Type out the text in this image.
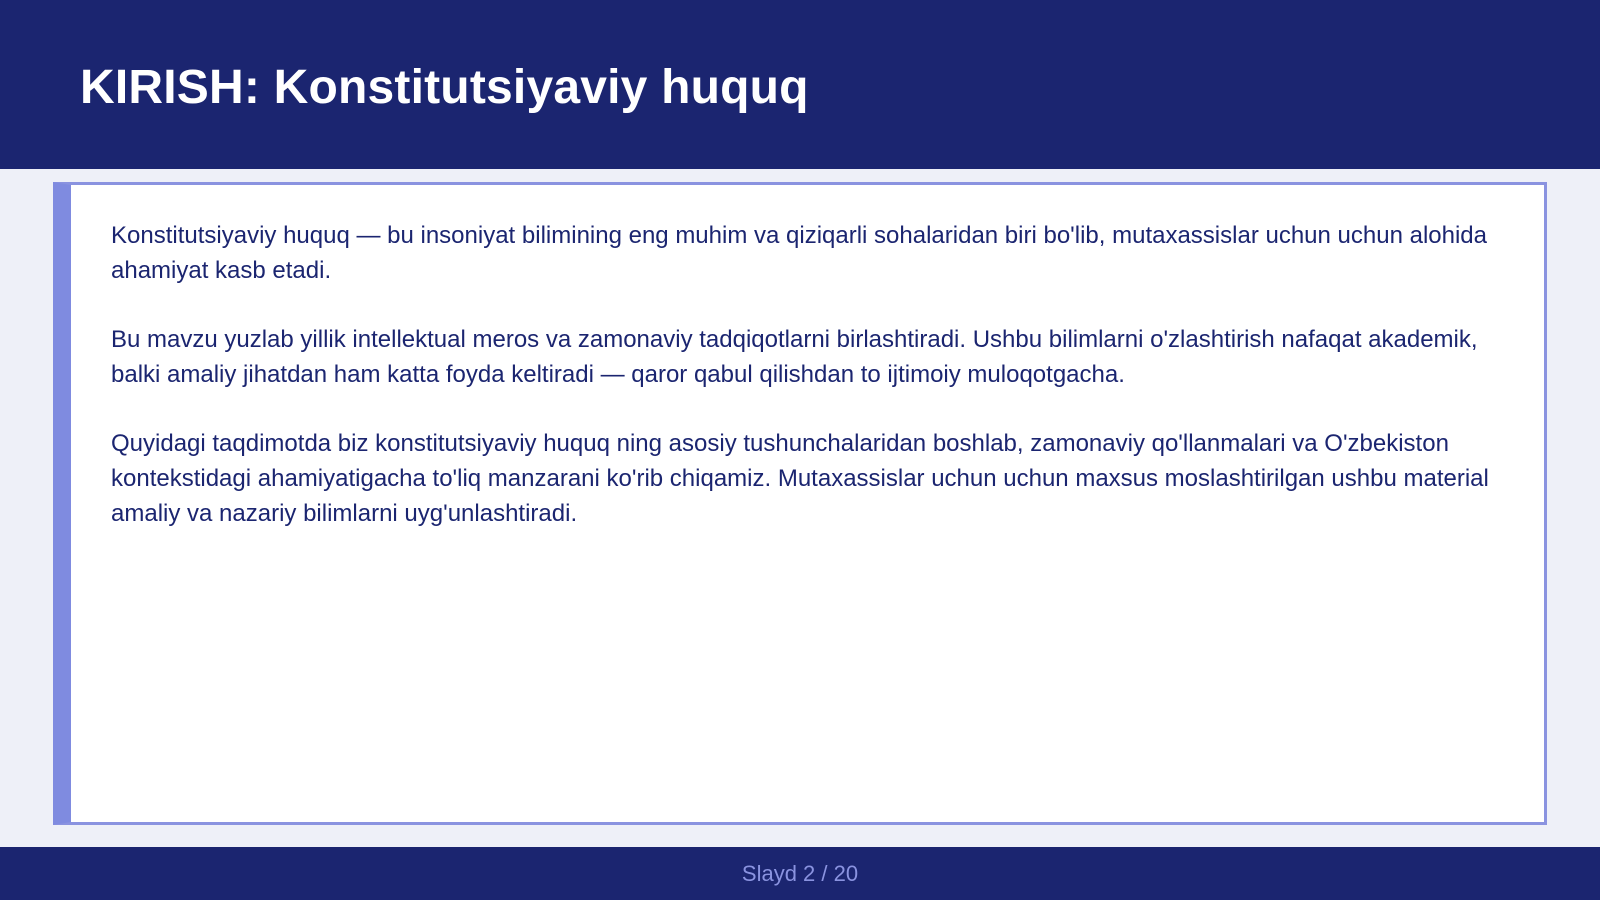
KIRISH: Konstitutsiyaviy huquq

Konstitutsiyaviy huquq — bu insoniyat bilimining eng muhim va qiziqarli sohalaridan biri bo'lib, mutaxassislar uchun uchun alohida ahamiyat kasb etadi.

Bu mavzu yuzlab yillik intellektual meros va zamonaviy tadqiqotlarni birlashtiradi. Ushbu bilimlarni o'zlashtirish nafaqat akademik, balki amaliy jihatdan ham katta foyda keltiradi — qaror qabul qilishdan to ijtimoiy muloqotgacha.

Quyidagi taqdimotda biz konstitutsiyaviy huquq ning asosiy tushunchalaridan boshlab, zamonaviy qo'llanmalari va O'zbekiston kontekstidagi ahamiyatigacha to'liq manzarani ko'rib chiqamiz. Mutaxassislar uchun uchun maxsus moslashtirilgan ushbu material amaliy va nazariy bilimlarni uyg'unlashtiradi.

Slayd 2 / 20
